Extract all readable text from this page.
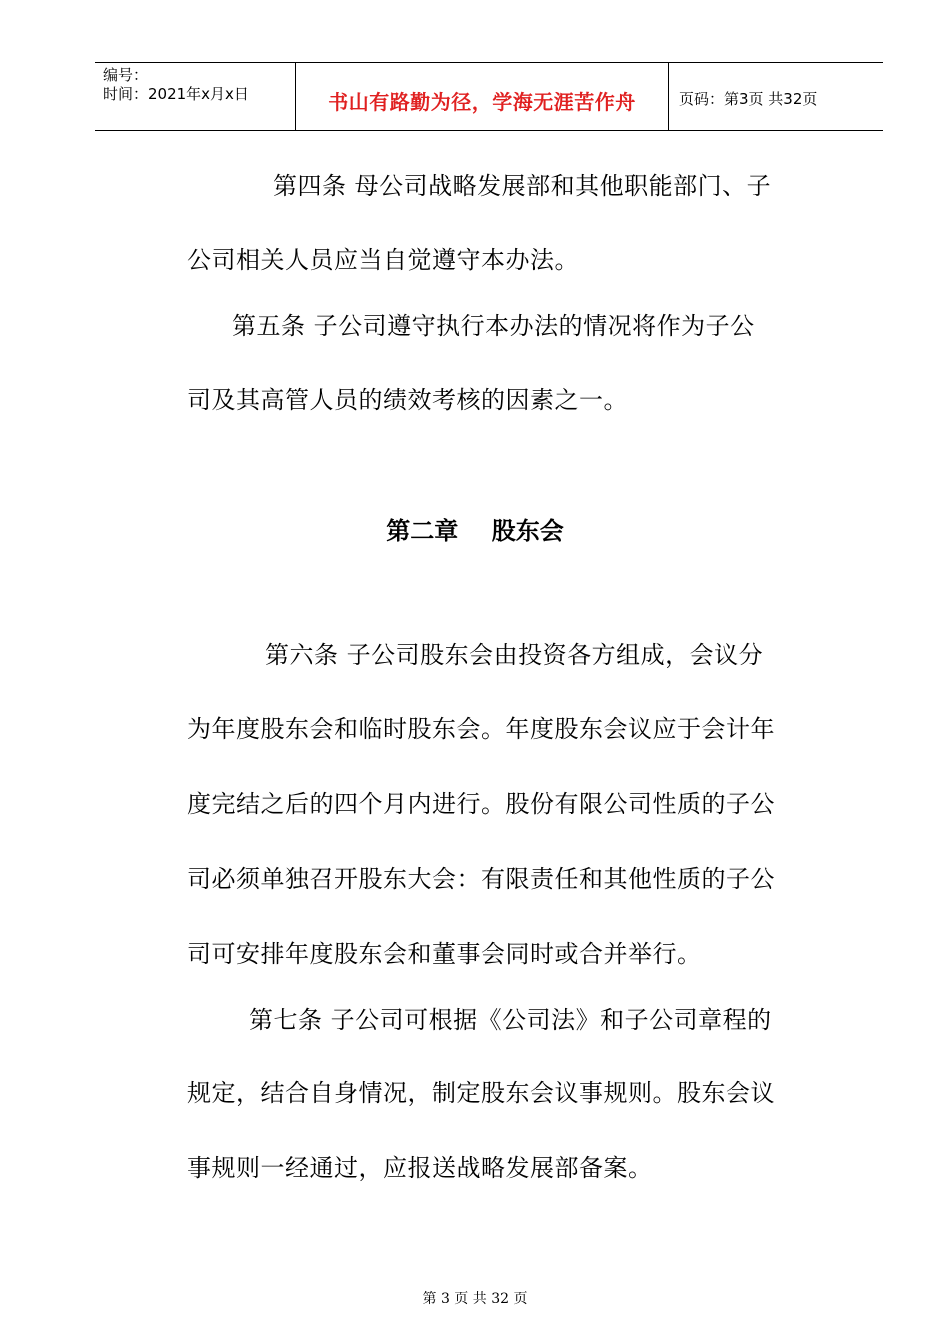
编号：
时间：2021年x月x日	书山有路勤为径，学海无涯苦作舟	页码：第3页 共32页
第四条 母公司战略发展部和其他职能部门、子
公司相关人员应当自觉遵守本办法。
第五条 子公司遵守执行本办法的情况将作为子公
司及其高管人员的绩效考核的因素之一。
第二章    股东会
第六条 子公司股东会由投资各方组成，会议分
为年度股东会和临时股东会。年度股东会议应于会计年
度完结之后的四个月内进行。股份有限公司性质的子公
司必须单独召开股东大会：有限责任和其他性质的子公
司可安排年度股东会和董事会同时或合并举行。
第七条 子公司可根据《公司法》和子公司章程的
规定，结合自身情况，制定股东会议事规则。股东会议
事规则一经通过，应报送战略发展部备案。
第 3 页 共 32 页
